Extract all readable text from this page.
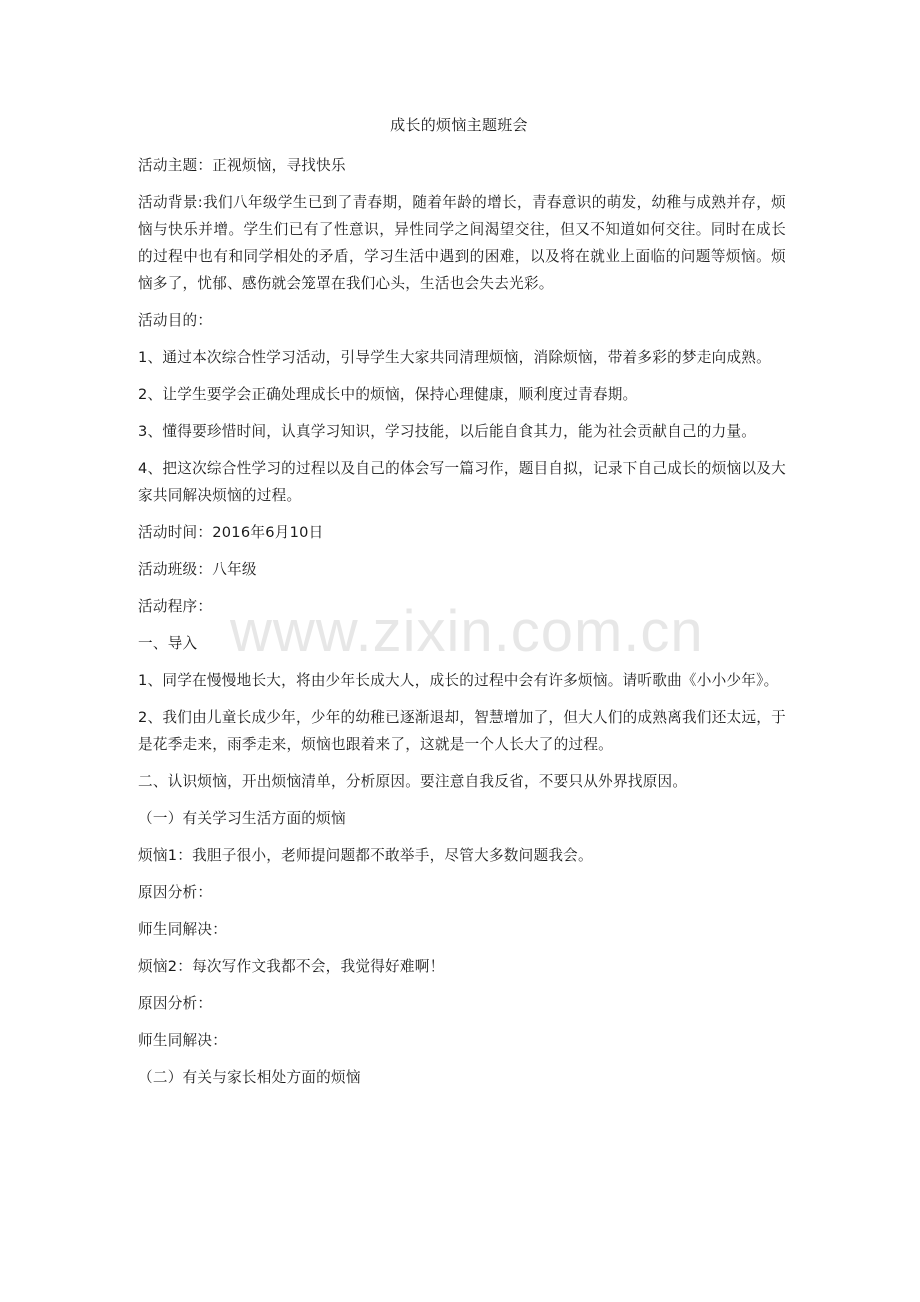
成长的烦恼主题班会

活动主题：正视烦恼，寻找快乐

活动背景:我们八年级学生已到了青春期，随着年龄的增长，青春意识的萌发，幼稚与成熟并存，烦恼与快乐并增。学生们已有了性意识，异性同学之间渴望交往，但又不知道如何交往。同时在成长的过程中也有和同学相处的矛盾，学习生活中遇到的困难，以及将在就业上面临的问题等烦恼。烦恼多了，忧郁、感伤就会笼罩在我们心头，生活也会失去光彩。

活动目的：

1、通过本次综合性学习活动，引导学生大家共同清理烦恼，消除烦恼，带着多彩的梦走向成熟。

2、让学生要学会正确处理成长中的烦恼，保持心理健康，顺利度过青春期。

3、懂得要珍惜时间，认真学习知识，学习技能，以后能自食其力，能为社会贡献自己的力量。

4、把这次综合性学习的过程以及自己的体会写一篇习作，题目自拟，记录下自己成长的烦恼以及大家共同解决烦恼的过程。

活动时间：2016年6月10日

活动班级：八年级

活动程序：

一、导入

1、同学在慢慢地长大，将由少年长成大人，成长的过程中会有许多烦恼。请听歌曲《小小少年》。

2、我们由儿童长成少年，少年的幼稚已逐渐退却，智慧增加了，但大人们的成熟离我们还太远，于是花季走来，雨季走来，烦恼也跟着来了，这就是一个人长大了的过程。

二、认识烦恼，开出烦恼清单，分析原因。要注意自我反省，不要只从外界找原因。

（一）有关学习生活方面的烦恼

烦恼1：我胆子很小，老师提问题都不敢举手，尽管大多数问题我会。

原因分析：

师生同解决：

烦恼2：每次写作文我都不会，我觉得好难啊！

原因分析：

师生同解决：

（二）有关与家长相处方面的烦恼

www.zixin.com.cn
